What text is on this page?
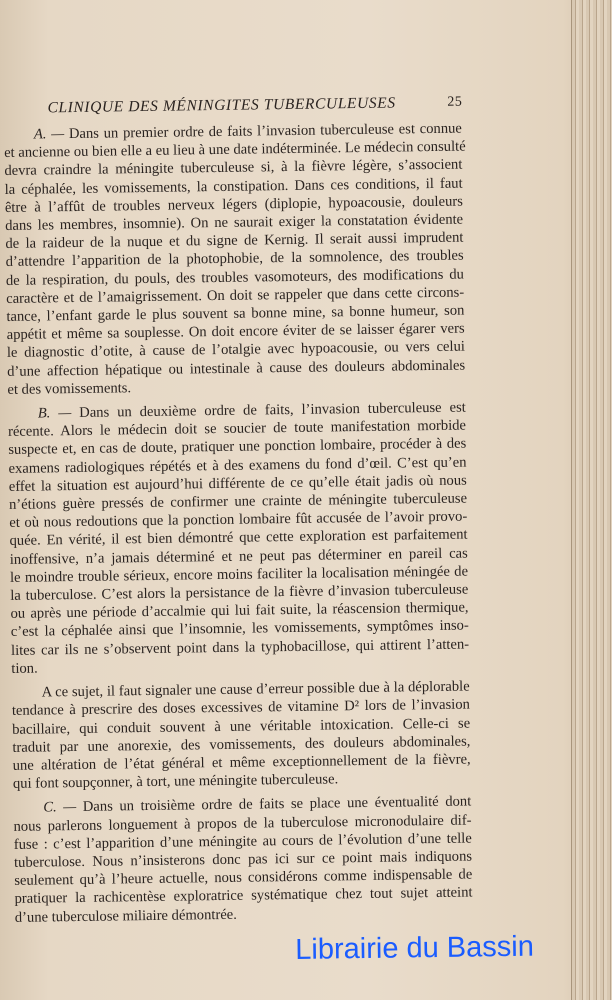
CLINIQUE DES MÉNINGITES TUBERCULEUSES	25
A. — Dans un premier ordre de faits l’invasion tuberculeuse est connue
et ancienne ou bien elle a eu lieu à une date indéterminée. Le médecin consulté
devra craindre la méningite tuberculeuse si, à la fièvre légère, s’associent
la céphalée, les vomissements, la constipation. Dans ces conditions, il faut
être à l’affût de troubles nerveux légers (diplopie, hypoacousie, douleurs
dans les membres, insomnie). On ne saurait exiger la constatation évidente
de la raideur de la nuque et du signe de Kernig. Il serait aussi imprudent
d’attendre l’apparition de la photophobie, de la somnolence, des troubles
de la respiration, du pouls, des troubles vasomoteurs, des modifications du
caractère et de l’amaigrissement. On doit se rappeler que dans cette circons-
tance, l’enfant garde le plus souvent sa bonne mine, sa bonne humeur, son
appétit et même sa souplesse. On doit encore éviter de se laisser égarer vers
le diagnostic d’otite, à cause de l’otalgie avec hypoacousie, ou vers celui
d’une affection hépatique ou intestinale à cause des douleurs abdominales
et des vomissements.
B. — Dans un deuxième ordre de faits, l’invasion tuberculeuse est
récente. Alors le médecin doit se soucier de toute manifestation morbide
suspecte et, en cas de doute, pratiquer une ponction lombaire, procéder à des
examens radiologiques répétés et à des examens du fond d’œil. C’est qu’en
effet la situation est aujourd’hui différente de ce qu’elle était jadis où nous
n’étions guère pressés de confirmer une crainte de méningite tuberculeuse
et où nous redoutions que la ponction lombaire fût accusée de l’avoir provo-
quée. En vérité, il est bien démontré que cette exploration est parfaitement
inoffensive, n’a jamais déterminé et ne peut pas déterminer en pareil cas
le moindre trouble sérieux, encore moins faciliter la localisation méningée de
la tuberculose. C’est alors la persistance de la fièvre d’invasion tuberculeuse
ou après une période d’accalmie qui lui fait suite, la réascension thermique,
c’est la céphalée ainsi que l’insomnie, les vomissements, symptômes inso-
lites car ils ne s’observent point dans la typhobacillose, qui attirent l’atten-
tion.
A ce sujet, il faut signaler une cause d’erreur possible due à la déplorable
tendance à prescrire des doses excessives de vitamine D² lors de l’invasion
bacillaire, qui conduit souvent à une véritable intoxication. Celle-ci se
traduit par une anorexie, des vomissements, des douleurs abdominales,
une altération de l’état général et même exceptionnellement de la fièvre,
qui font soupçonner, à tort, une méningite tuberculeuse.
C. — Dans un troisième ordre de faits se place une éventualité dont
nous parlerons longuement à propos de la tuberculose micronodulaire dif-
fuse : c’est l’apparition d’une méningite au cours de l’évolution d’une telle
tuberculose. Nous n’insisterons donc pas ici sur ce point mais indiquons
seulement qu’à l’heure actuelle, nous considérons comme indispensable de
pratiquer la rachicentèse exploratrice systématique chez tout sujet atteint
d’une tuberculose miliaire démontrée.
Librairie du Bassin
